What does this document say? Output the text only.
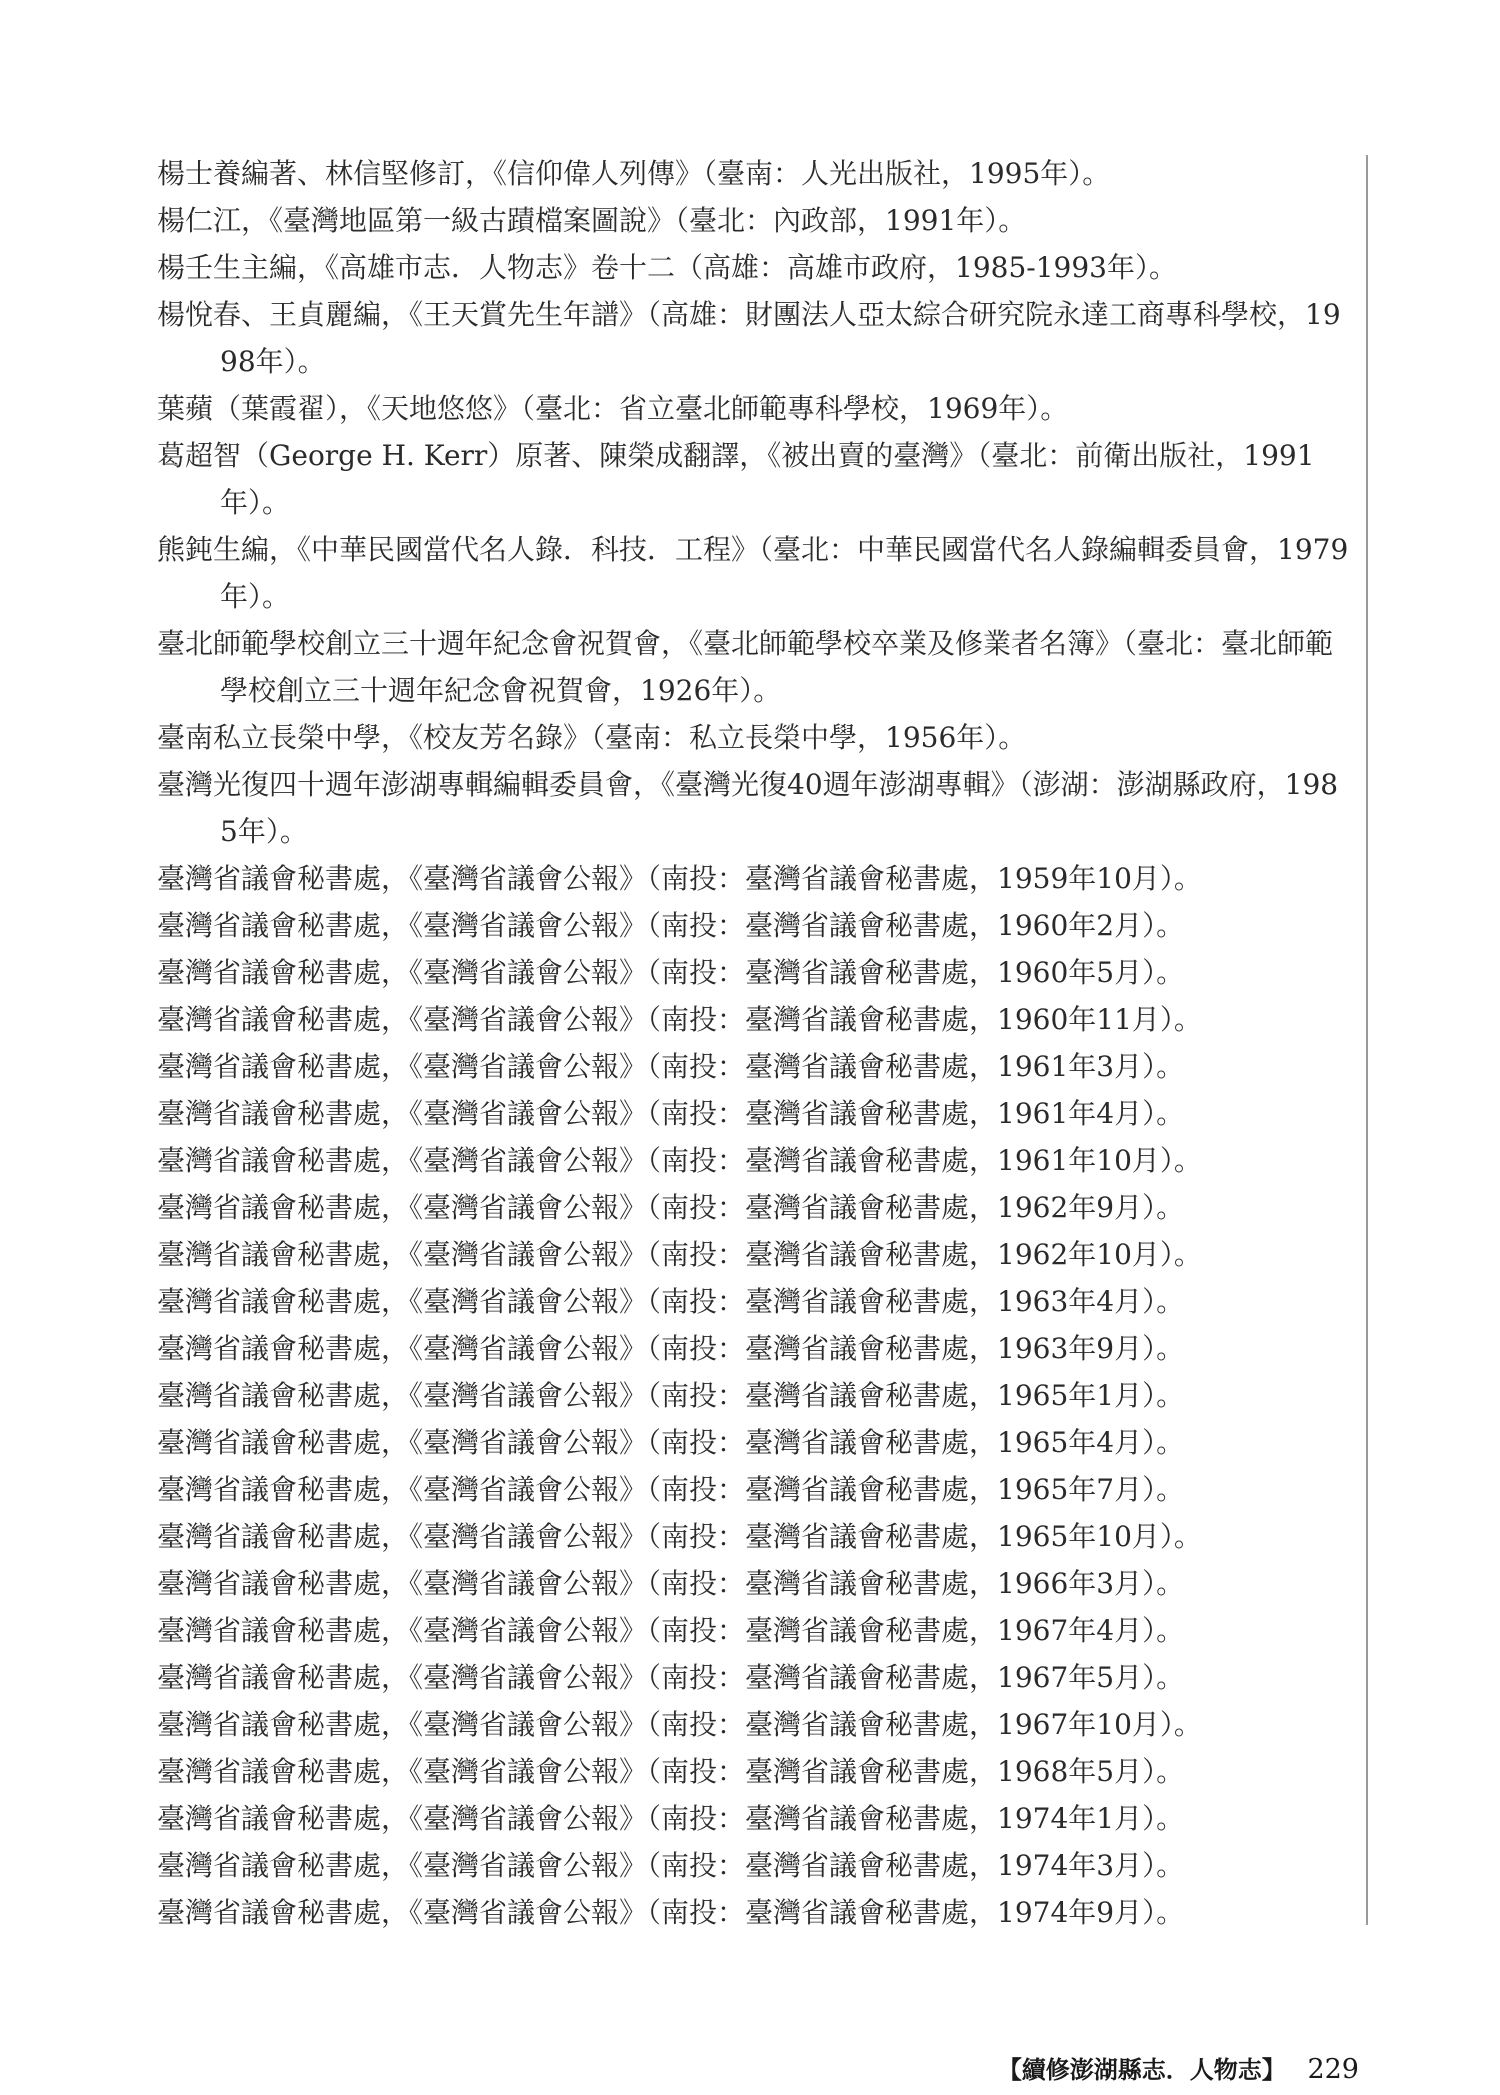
楊士養編著、林信堅修訂，《信仰偉人列傳》（臺南：人光出版社，1995年）。
楊仁江，《臺灣地區第一級古蹟檔案圖說》（臺北：內政部，1991年）。
楊壬生主編，《高雄市志．人物志》卷十二（高雄：高雄市政府，1985-1993年）。
楊悅春、王貞麗編，《王天賞先生年譜》（高雄：財團法人亞太綜合研究院永達工商專科學校，1998年）。
葉蘋（葉霞翟），《天地悠悠》（臺北：省立臺北師範專科學校，1969年）。
葛超智（George H. Kerr）原著、陳榮成翻譯，《被出賣的臺灣》（臺北：前衛出版社，1991年）。
熊鈍生編，《中華民國當代名人錄．科技．工程》（臺北：中華民國當代名人錄編輯委員會，1979年）。
臺北師範學校創立三十週年紀念會祝賀會，《臺北師範學校卒業及修業者名簿》（臺北：臺北師範學校創立三十週年紀念會祝賀會，1926年）。
臺南私立長榮中學，《校友芳名錄》（臺南：私立長榮中學，1956年）。
臺灣光復四十週年澎湖專輯編輯委員會，《臺灣光復40週年澎湖專輯》（澎湖：澎湖縣政府，1985年）。
臺灣省議會秘書處，《臺灣省議會公報》（南投：臺灣省議會秘書處，1959年10月）。
臺灣省議會秘書處，《臺灣省議會公報》（南投：臺灣省議會秘書處，1960年2月）。
臺灣省議會秘書處，《臺灣省議會公報》（南投：臺灣省議會秘書處，1960年5月）。
臺灣省議會秘書處，《臺灣省議會公報》（南投：臺灣省議會秘書處，1960年11月）。
臺灣省議會秘書處，《臺灣省議會公報》（南投：臺灣省議會秘書處，1961年3月）。
臺灣省議會秘書處，《臺灣省議會公報》（南投：臺灣省議會秘書處，1961年4月）。
臺灣省議會秘書處，《臺灣省議會公報》（南投：臺灣省議會秘書處，1961年10月）。
臺灣省議會秘書處，《臺灣省議會公報》（南投：臺灣省議會秘書處，1962年9月）。
臺灣省議會秘書處，《臺灣省議會公報》（南投：臺灣省議會秘書處，1962年10月）。
臺灣省議會秘書處，《臺灣省議會公報》（南投：臺灣省議會秘書處，1963年4月）。
臺灣省議會秘書處，《臺灣省議會公報》（南投：臺灣省議會秘書處，1963年9月）。
臺灣省議會秘書處，《臺灣省議會公報》（南投：臺灣省議會秘書處，1965年1月）。
臺灣省議會秘書處，《臺灣省議會公報》（南投：臺灣省議會秘書處，1965年4月）。
臺灣省議會秘書處，《臺灣省議會公報》（南投：臺灣省議會秘書處，1965年7月）。
臺灣省議會秘書處，《臺灣省議會公報》（南投：臺灣省議會秘書處，1965年10月）。
臺灣省議會秘書處，《臺灣省議會公報》（南投：臺灣省議會秘書處，1966年3月）。
臺灣省議會秘書處，《臺灣省議會公報》（南投：臺灣省議會秘書處，1967年4月）。
臺灣省議會秘書處，《臺灣省議會公報》（南投：臺灣省議會秘書處，1967年5月）。
臺灣省議會秘書處，《臺灣省議會公報》（南投：臺灣省議會秘書處，1967年10月）。
臺灣省議會秘書處，《臺灣省議會公報》（南投：臺灣省議會秘書處，1968年5月）。
臺灣省議會秘書處，《臺灣省議會公報》（南投：臺灣省議會秘書處，1974年1月）。
臺灣省議會秘書處，《臺灣省議會公報》（南投：臺灣省議會秘書處，1974年3月）。
臺灣省議會秘書處，《臺灣省議會公報》（南投：臺灣省議會秘書處，1974年9月）。
【續修澎湖縣志．人物志】 229
